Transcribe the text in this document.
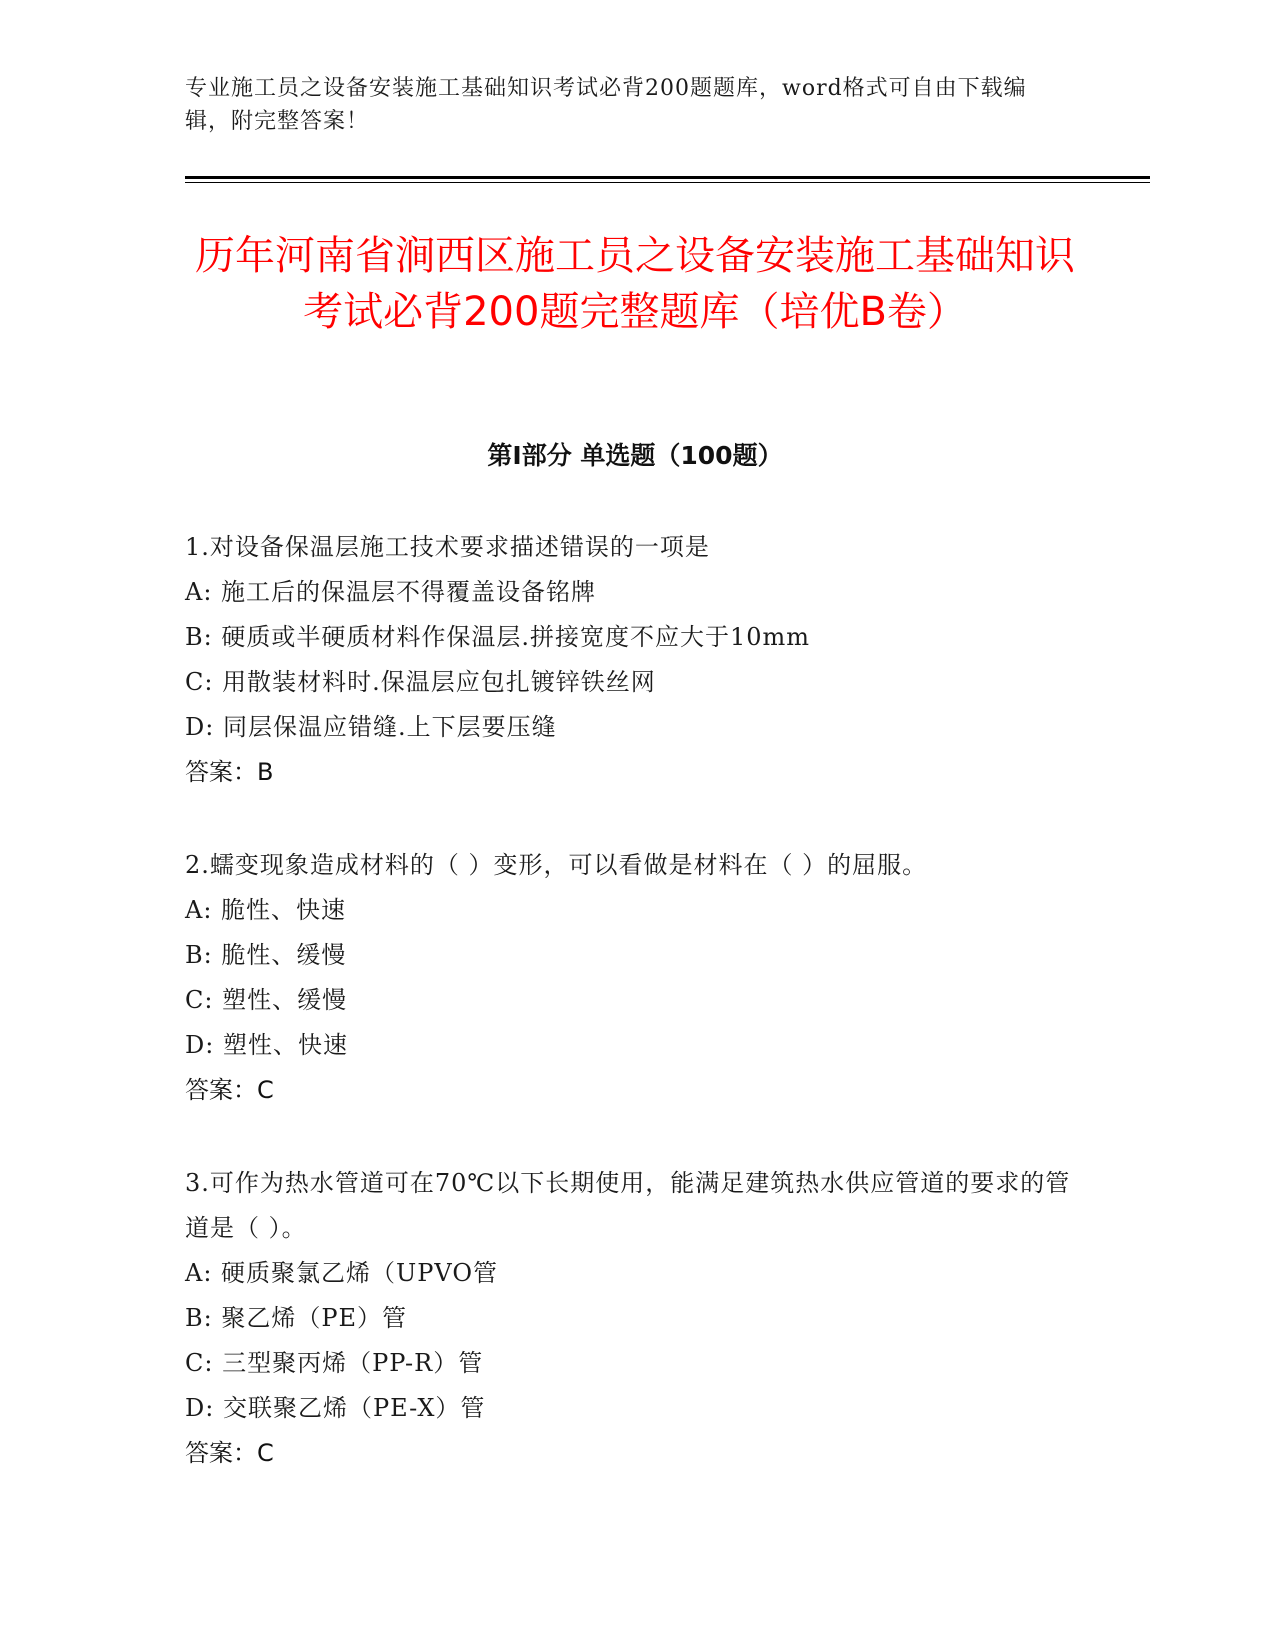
专业施工员之设备安装施工基础知识考试必背200题题库，word格式可自由下载编辑，附完整答案！
历年河南省涧西区施工员之设备安装施工基础知识考试必背200题完整题库（培优B卷）
第I部分 单选题（100题）
1.对设备保温层施工技术要求描述错误的一项是
A: 施工后的保温层不得覆盖设备铭牌
B: 硬质或半硬质材料作保温层.拼接宽度不应大于10mm
C: 用散装材料时.保温层应包扎镀锌铁丝网
D: 同层保温应错缝.上下层要压缝
答案：B
2.蠕变现象造成材料的（ ）变形，可以看做是材料在（ ）的屈服。
A: 脆性、快速
B: 脆性、缓慢
C: 塑性、缓慢
D: 塑性、快速
答案：C
3.可作为热水管道可在70℃以下长期使用，能满足建筑热水供应管道的要求的管道是（ ）。
A: 硬质聚氯乙烯（UPVO管
B: 聚乙烯（PE）管
C: 三型聚丙烯（PP-R）管
D: 交联聚乙烯（PE-X）管
答案：C
